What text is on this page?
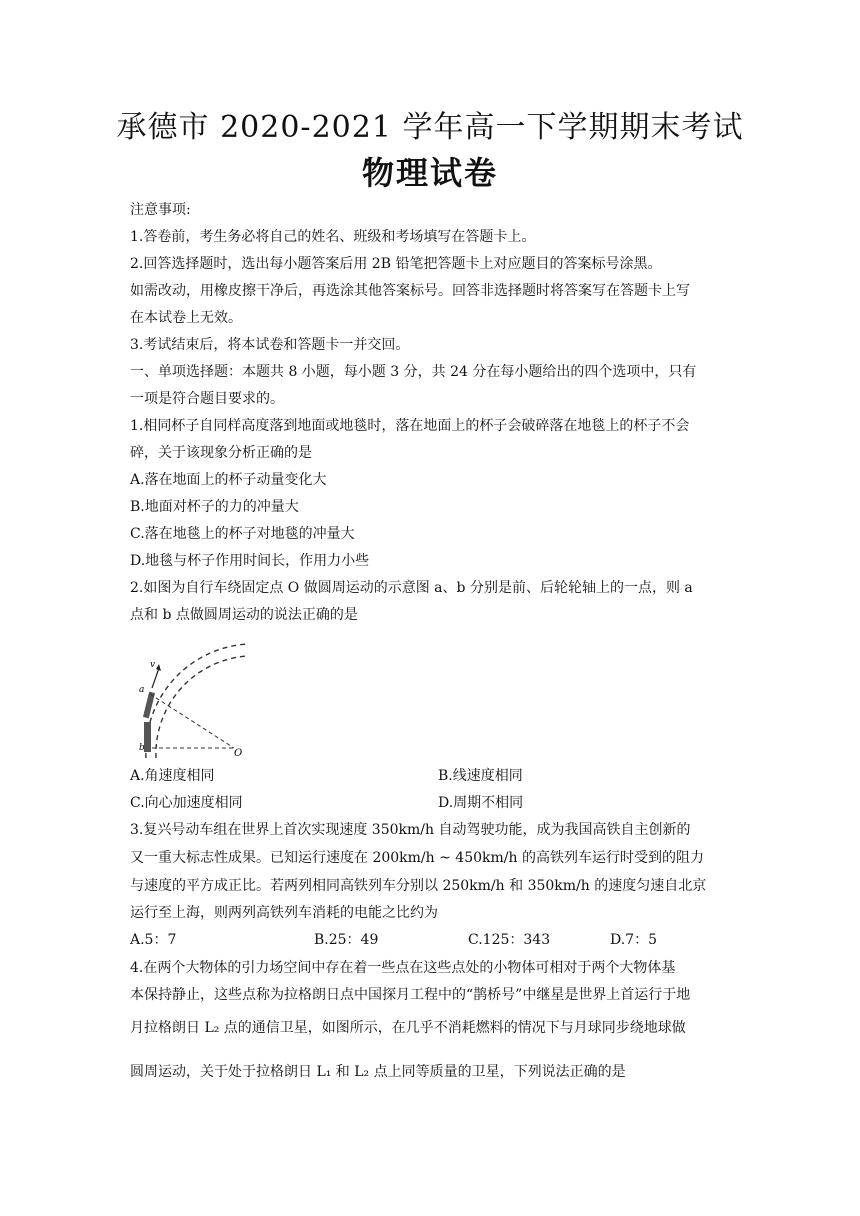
承德市 2020-2021 学年高一下学期期末考试
物理试卷
注意事项:
1.答卷前，考生务必将自己的姓名、班级和考场填写在答题卡上。
2.回答选择题时，选出每小题答案后用 2B 铅笔把答题卡上对应题目的答案标号涂黑。
如需改动，用橡皮擦干净后，再选涂其他答案标号。回答非选择题时将答案写在答题卡上写
在本试卷上无效。
3.考试结束后，将本试卷和答题卡一并交回。
一、单项选择题：本题共 8 小题，每小题 3 分，共 24 分在每小题给出的四个选项中，只有
一项是符合题目要求的。
1.相同杯子自同样高度落到地面或地毯时，落在地面上的杯子会破碎落在地毯上的杯子不会
碎，关于该现象分析正确的是
A.落在地面上的杯子动量变化大
B.地面对杯子的力的冲量大
C.落在地毯上的杯子对地毯的冲量大
D.地毯与杯子作用时间长，作用力小些
2.如图为自行车绕固定点 O 做圆周运动的示意图 a、b 分别是前、后轮轮轴上的一点，则 a
点和 b 点做圆周运动的说法正确的是
v
a
b	O
A.角速度相同	B.线速度相同
C.向心加速度相同	D.周期不相同
3.复兴号动车组在世界上首次实现速度 350km/h 自动驾驶功能，成为我国高铁自主创新的
又一重大标志性成果。已知运行速度在 200km/h ~ 450km/h 的高铁列车运行时受到的阻力
与速度的平方成正比。若两列相同高铁列车分别以 250km/h 和 350km/h 的速度匀速自北京
运行至上海，则两列高铁列车消耗的电能之比约为
A.5：7	B.25：49	C.125：343	D.7：5
4.在两个大物体的引力场空间中存在着一些点在这些点处的小物体可相对于两个大物体基
本保持静止，这些点称为拉格朗日点中国探月工程中的“鹊桥号”中继星是世界上首运行于地
月拉格朗日 L₂ 点的通信卫星，如图所示，在几乎不消耗燃料的情况下与月球同步绕地球做
圆周运动，关于处于拉格朗日 L₁ 和 L₂ 点上同等质量的卫星，下列说法正确的是
